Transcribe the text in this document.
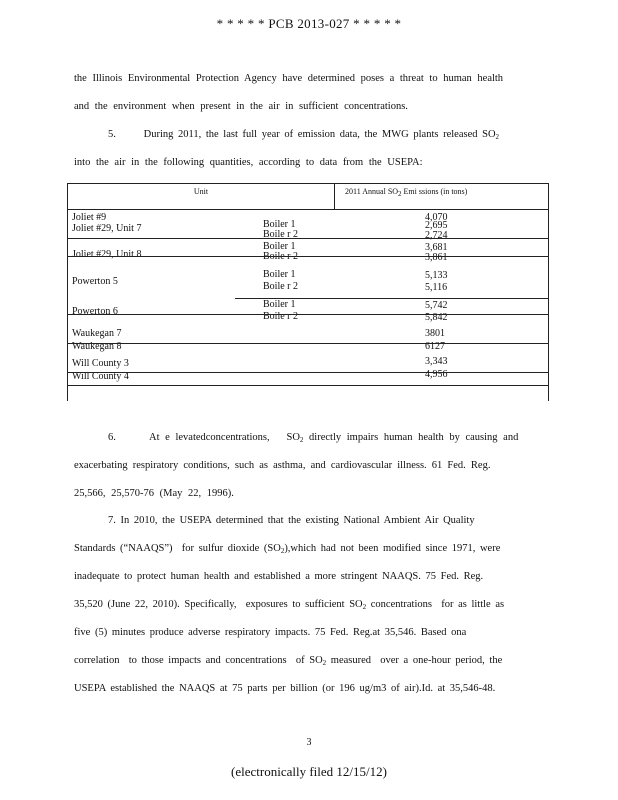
* * * * * PCB 2013-027 * * * * *
the Illinois Environmental Protection Agency have determined poses a threat to human health
and the environment when present in the air in sufficient concentrations.
5.      During 2011, the last full year of emission data, the MWG plants released $SO_2$
into the air in the following quantities, according to data from the USEPA:
Unit	2011 Annual SO2 Emi ssions (in tons)
Joliet #9	4,070
Joliet #29, Unit 7	Boiler 1	2,695
Boile r 2	2,724
Joliet #29, Unit 8
Boiler 1	3,681
Boile r 2	3,861
Powerton 5
Boiler 1	5,133
Boile r 2	5,116
Powerton 6
Boiler 1	5,742
Boile r 2	5,842
Waukegan 7	3801
Waukegan 8	6127
Will County 3	3,343
Will County 4	4,956
6.      At e levatedconcentrations,   $SO_2$ directly impairs human health by causing and
exacerbating respiratory conditions, such as asthma, and cardiovascular illness. 61 Fed. Reg.
25,566, 25,570-76 (May 22, 1996).
7. In 2010, the USEPA determined that the existing National Ambient Air Quality
Standards (“NAAQS”)  for sulfur dioxide $(SO_2),which$ had not been modified since 1971, were
inadequate to protect human health and established a more stringent NAAQS. 75 Fed. Reg.
35,520 (June 22, 2010). Specifically,  exposures to sufficient $SO_2$ concentrations  for as little as
five (5) minutes produce adverse respiratory impacts. 75 Fed. Reg.at 35,546. Based ona
correlation  to those impacts and concentrations  of $SO_2$ measured  over a one-hour period, the
USEPA established the NAAQS at 75 parts per billion (or 196 ug/m3 of air).Id. at 35,546-48.
3
(electronically filed 12/15/12)
